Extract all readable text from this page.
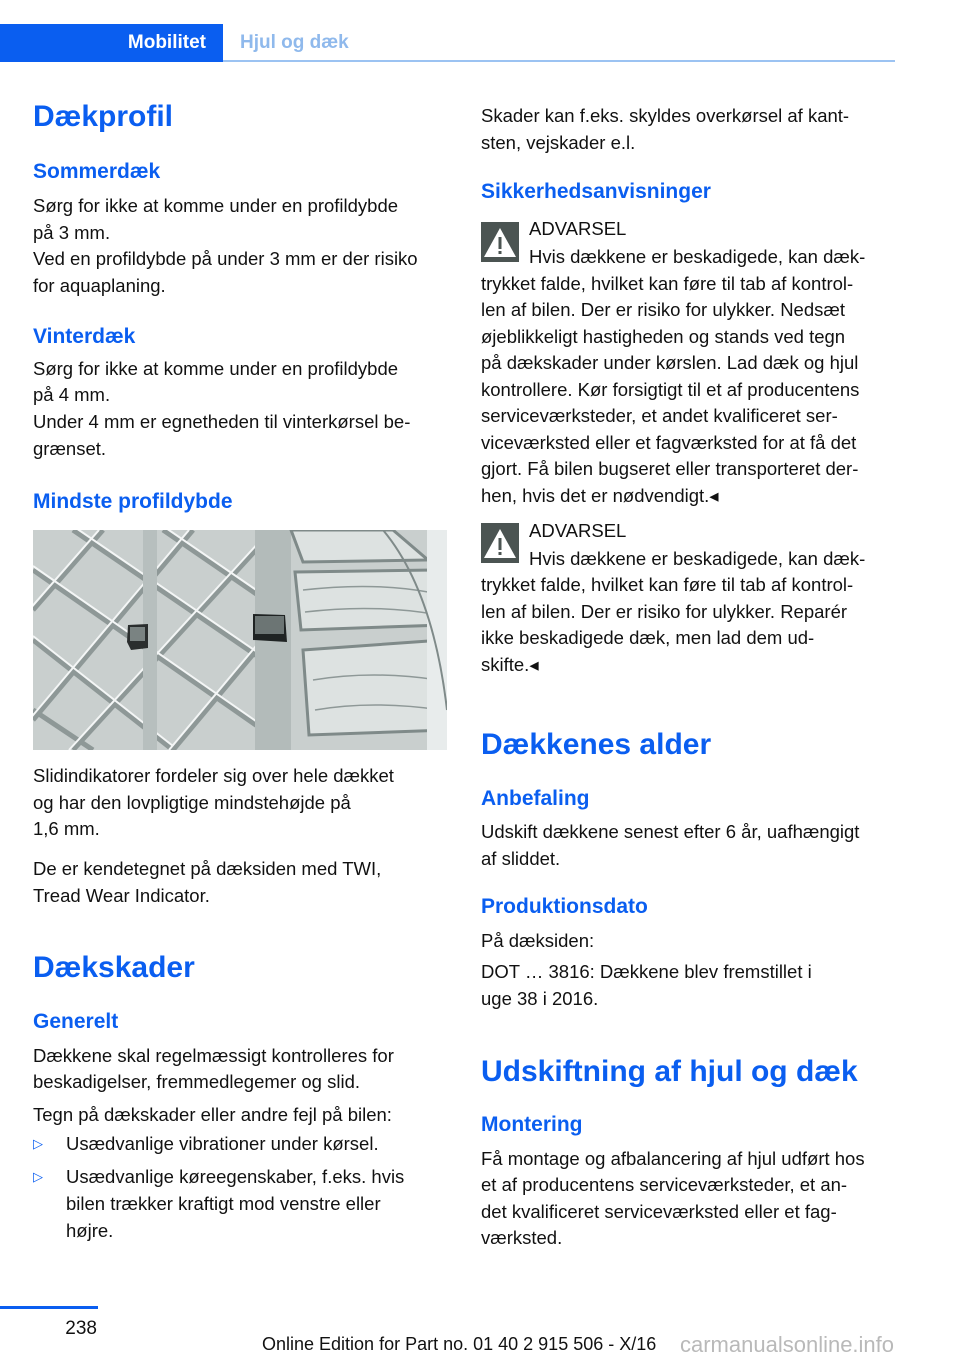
Mobilitet	Hjul og dæk
Dækprofil
Sommerdæk
Sørg for ikke at komme under en profildybde
på 3 mm.
Ved en profildybde på under 3 mm er der risiko
for aquaplaning.
Vinterdæk
Sørg for ikke at komme under en profildybde
på 4 mm.
Under 4 mm er egnetheden til vinterkørsel be-
grænset.
Mindste profildybde
Slidindikatorer fordeler sig over hele dækket
og har den lovpligtige mindstehøjde på
1,6 mm.
De er kendetegnet på dæksiden med TWI,
Tread Wear Indicator.
Dækskader
Generelt
Dækkene skal regelmæssigt kontrolleres for
beskadigelser, fremmedlegemer og slid.
Tegn på dækskader eller andre fejl på bilen:
▷ Usædvanlige vibrationer under kørsel.
▷ Usædvanlige køreegenskaber, f.eks. hvis
bilen trækker kraftigt mod venstre eller
højre.
Skader kan f.eks. skyldes overkørsel af kant-
sten, vejskader e.l.
Sikkerhedsanvisninger
ADVARSEL
Hvis dækkene er beskadigede, kan dæk-
trykket falde, hvilket kan føre til tab af kontrol-
len af bilen. Der er risiko for ulykker. Nedsæt
øjeblikkeligt hastigheden og stands ved tegn
på dækskader under kørslen. Lad dæk og hjul
kontrollere. Kør forsigtigt til et af producentens
serviceværksteder, et andet kvalificeret ser-
viceværksted eller et fagværksted for at få det
gjort. Få bilen bugseret eller transporteret der-
hen, hvis det er nødvendigt.◂
ADVARSEL
Hvis dækkene er beskadigede, kan dæk-
trykket falde, hvilket kan føre til tab af kontrol-
len af bilen. Der er risiko for ulykker. Reparér
ikke beskadigede dæk, men lad dem ud-
skifte.◂
Dækkenes alder
Anbefaling
Udskift dækkene senest efter 6 år, uafhængigt
af sliddet.
Produktionsdato
På dæksiden:
DOT … 3816: Dækkene blev fremstillet i
uge 38 i 2016.
Udskiftning af hjul og dæk
Montering
Få montage og afbalancering af hjul udført hos
et af producentens serviceværksteder, et an-
det kvalificeret serviceværksted eller et fag-
værksted.
238
Online Edition for Part no. 01 40 2 915 506 - X/16 carmanualsonline.info
